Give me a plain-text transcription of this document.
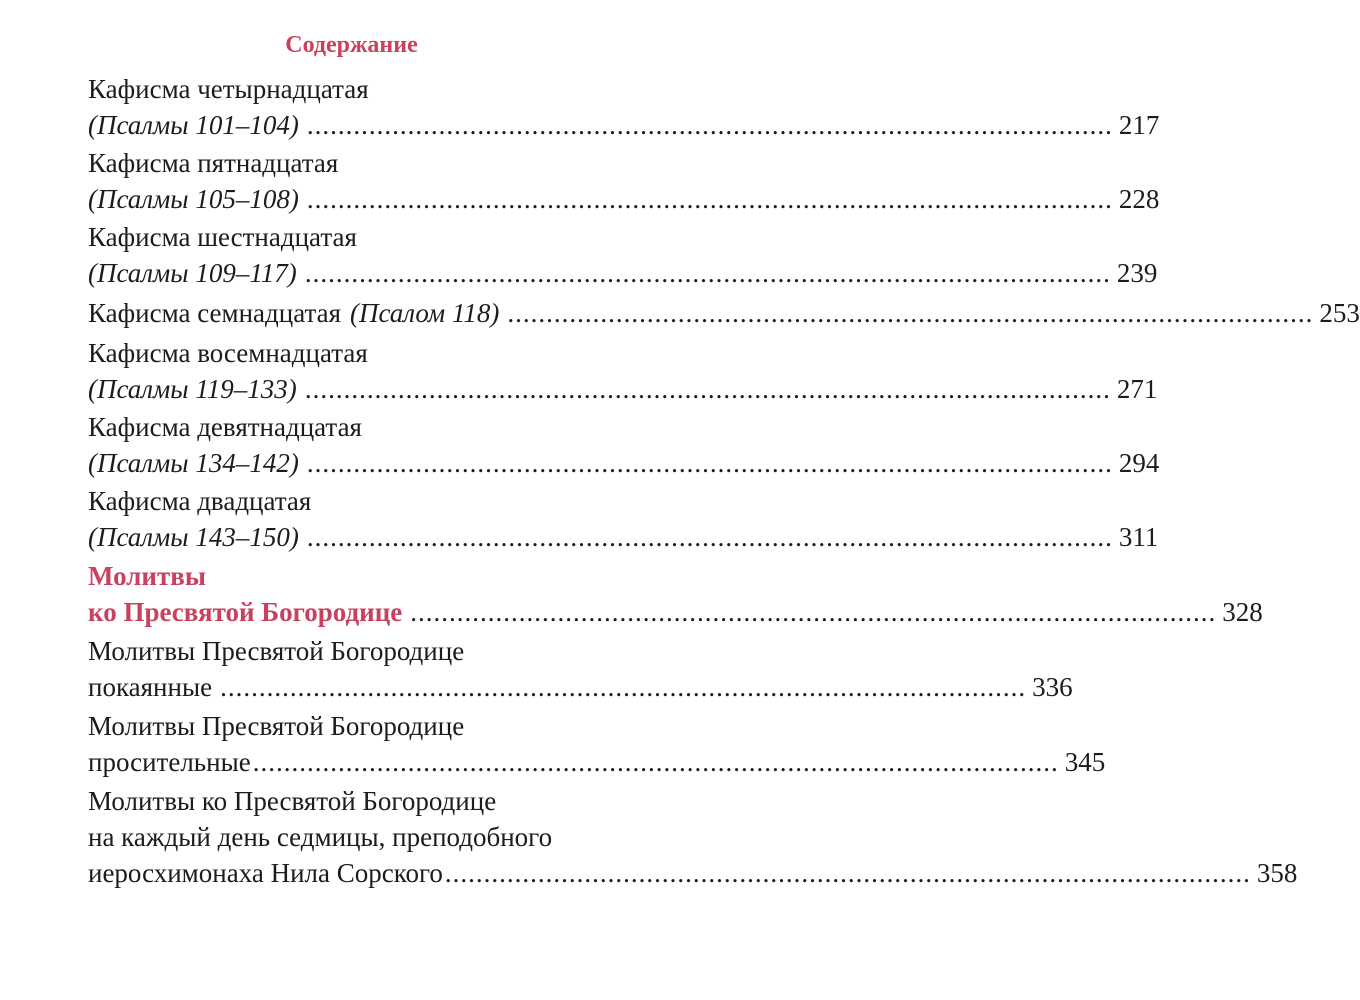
Содержание
Кафисма четырнадцатая
(Псалмы 101–104) ........................................................................................................ 217
Кафисма пятнадцатая
(Псалмы 105–108) ........................................................................................................ 228
Кафисма шестнадцатая
(Псалмы 109–117) ........................................................................................................ 239
Кафисма семнадцатая (Псалом 118) ........................................................................................................ 253
Кафисма восемнадцатая
(Псалмы 119–133) ........................................................................................................ 271
Кафисма девятнадцатая
(Псалмы 134–142) ........................................................................................................ 294
Кафисма двадцатая
(Псалмы 143–150) ........................................................................................................ 311
Молитвы
ко Пресвятой Богородице ........................................................................................................ 328
Молитвы Пресвятой Богородице
покаянные ........................................................................................................ 336
Молитвы Пресвятой Богородице
просительные ........................................................................................................ 345
Молитвы ко Пресвятой Богородице
на каждый день седмицы, преподобного
иеросхимонаха Нила Сорского ........................................................................................................ 358
